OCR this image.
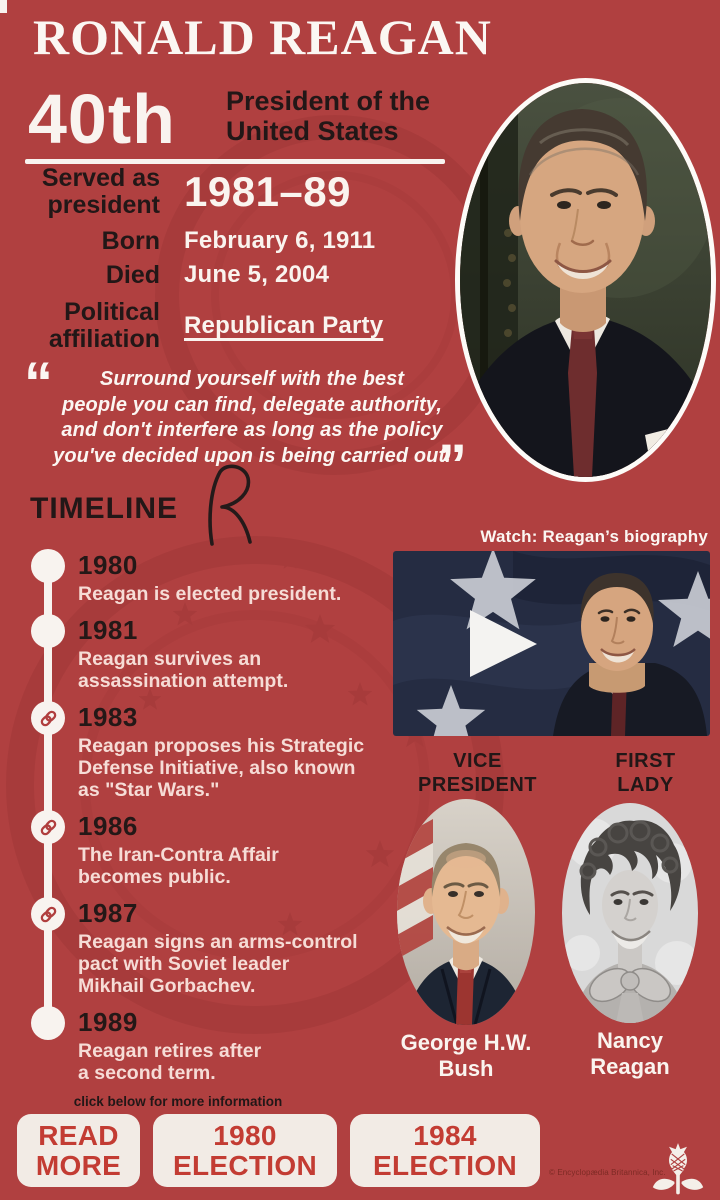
RONALD REAGAN
40th President of the
United States
Served as
president 1981–89
Born February 6, 1911
Died June 5, 2004
Political
affiliation Republican Party
“	Surround yourself with the best
people you can find, delegate authority,
and don't interfere as long as the policy
you've decided upon is being carried out.
”
TIMELINE
1980
Reagan is elected president.
1981
Reagan survives an
assassination attempt.
1983
Reagan proposes his Strategic
Defense Initiative, also known
as "Star Wars."
1986
The Iran-Contra Affair
becomes public.
1987
Reagan signs an arms-control
pact with Soviet leader
Mikhail Gorbachev.
1989
Reagan retires after
a second term.
Watch: Reagan’s biography
VICE
PRESIDENT
FIRST
LADY
George H.W.
Bush
Nancy
Reagan
click below for more information
READ
MORE
1980
ELECTION
1984
ELECTION	© Encyclopædia Britannica, Inc.
